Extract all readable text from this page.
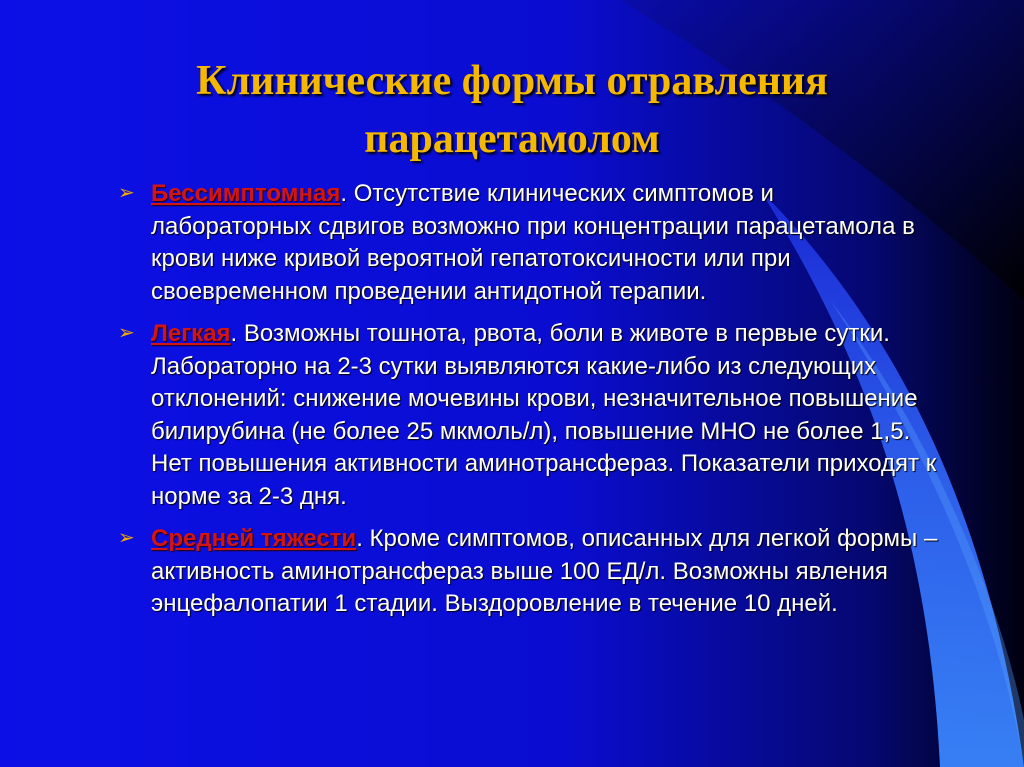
Клинические формы отравления
парацетамолом
➢ Бессимптомная. Отсутствие клинических симптомов и лабораторных сдвигов возможно при концентрации парацетамола в крови ниже кривой вероятной гепатотоксичности или при своевременном проведении антидотной терапии.
➢ Легкая. Возможны тошнота, рвота, боли в животе в первые сутки. Лабораторно на 2-3 сутки выявляются какие-либо из следующих отклонений: снижение мочевины крови, незначительное повышение билирубина (не более 25 мкмоль/л), повышение МНО не более 1,5. Нет повышения активности аминотрансфераз. Показатели приходят к норме за 2-3 дня.
➢ Средней тяжести. Кроме симптомов, описанных для легкой формы – активность аминотрансфераз выше 100 ЕД/л. Возможны явления энцефалопатии 1 стадии. Выздоровление в течение 10 дней.
